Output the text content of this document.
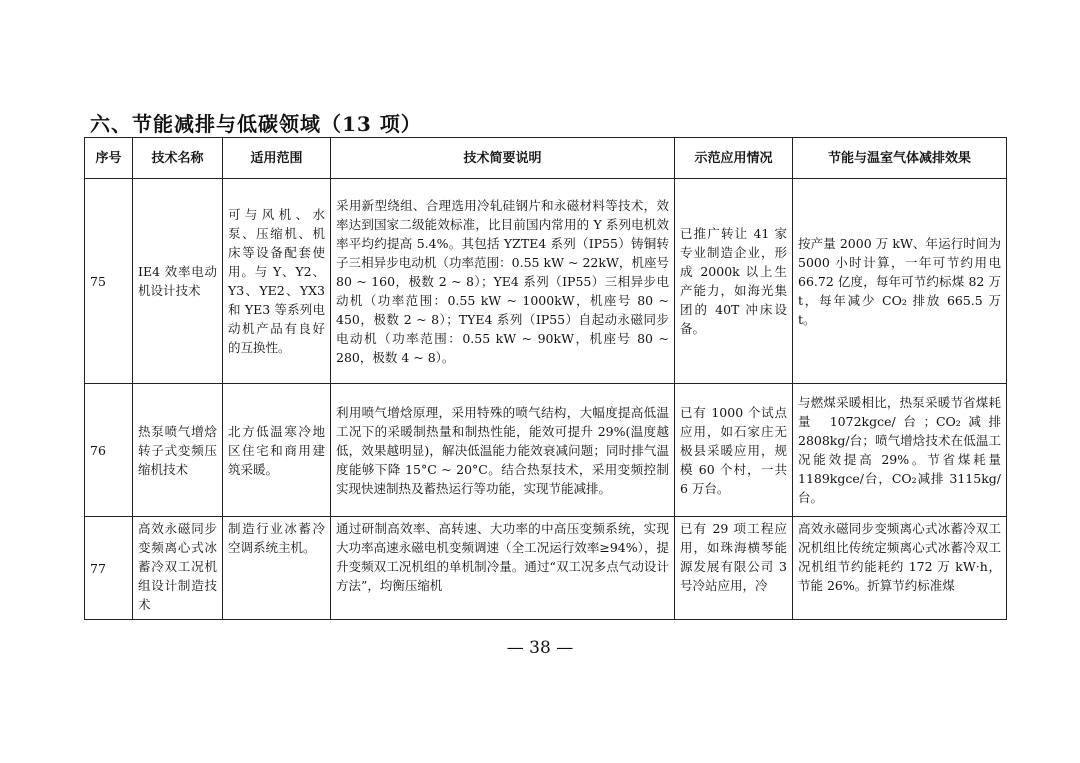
六、节能减排与低碳领域（13 项）
序号	技术名称	适用范围	技术简要说明	示范应用情况	节能与温室气体减排效果
75	IE4 效率电动机设计技术	可与风机、水泵、压缩机、机床等设备配套使用。与 Y、Y2、Y3、YE2、YX3 和 YE3 等系列电动机产品有良好的互换性。	采用新型绕组、合理选用冷轧硅钢片和永磁材料等技术，效率达到国家二级能效标准，比目前国内常用的 Y 系列电机效率平均约提高 5.4%。其包括 YZTE4 系列（IP55）铸铜转子三相异步电动机（功率范围：0.55 kW ~ 22kW，机座号 80 ~ 160，极数 2 ~ 8）；YE4 系列（IP55）三相异步电动机（功率范围：0.55 kW ~ 1000kW，机座号 80 ~ 450，极数 2 ~ 8）；TYE4 系列（IP55）自起动永磁同步电动机（功率范围：0.55 kW ~ 90kW，机座号 80 ~ 280，极数 4 ~ 8）。	已推广转让 41 家专业制造企业，形成 2000k 以上生产能力，如海光集团的 40T 冲床设备。	按产量 2000 万 kW、年运行时间为 5000 小时计算，一年可节约用电 66.72 亿度，每年可节约标煤 82 万 t，每年减少 CO₂ 排放 665.5 万 t。
76	热泵喷气增焓转子式变频压缩机技术	北方低温寒冷地区住宅和商用建筑采暖。	利用喷气增焓原理，采用特殊的喷气结构，大幅度提高低温工况下的采暖制热量和制热性能，能效可提升 29%(温度越低，效果越明显)，解决低温能力能效衰减问题；同时排气温度能够下降 15°C ~ 20°C。结合热泵技术，采用变频控制实现快速制热及蓄热运行等功能，实现节能减排。	已有 1000 个试点应用，如石家庄无极县采暖应用，规模 60 个村，一共 6 万台。	与燃煤采暖相比，热泵采暖节省煤耗量 1072kgce/台；CO₂减排 2808kg/台；喷气增焓技术在低温工况能效提高 29%。节省煤耗量 1189kgce/台，CO₂减排 3115kg/台。
77	高效永磁同步变频离心式冰蓄冷双工况机组设计制造技术	制造行业冰蓄冷空调系统主机。	通过研制高效率、高转速、大功率的中高压变频系统，实现大功率高速永磁电机变频调速（全工况运行效率≥94%），提升变频双工况机组的单机制冷量。通过“双工况多点气动设计方法”，均衡压缩机	已有 29 项工程应用，如珠海横琴能源发展有限公司 3 号冷站应用，冷	高效永磁同步变频离心式冰蓄冷双工况机组比传统定频离心式冰蓄冷双工况机组节约能耗约 172 万 kW·h，节能 26%。折算节约标准煤
— 38 —
